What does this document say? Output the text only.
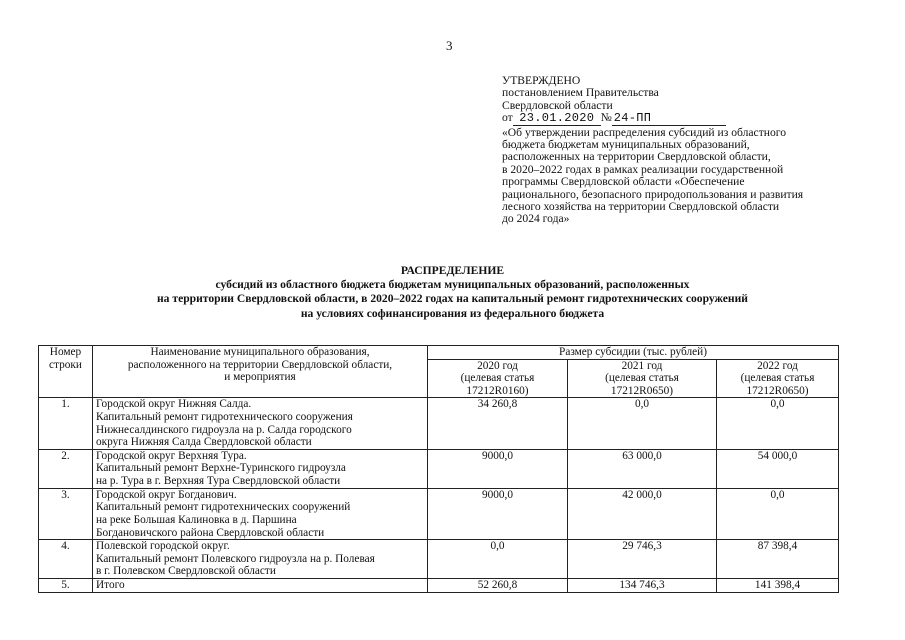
3
УТВЕРЖДЕНО
постановлением Правительства
Свердловской области
от 23.01.2020 № 24-ПП
«Об утверждении распределения субсидий из областного
бюджета бюджетам муниципальных образований,
расположенных на территории Свердловской области,
в 2020–2022 годах в рамках реализации государственной
программы Свердловской области «Обеспечение
рационального, безопасного природопользования и развития
лесного хозяйства на территории Свердловской области
до 2024 года»
РАСПРЕДЕЛЕНИЕ
субсидий из областного бюджета бюджетам муниципальных образований, расположенных
на территории Свердловской области, в 2020–2022 годах на капитальный ремонт гидротехнических сооружений
на условиях софинансирования из федерального бюджета
Номер
строки	Наименование муниципального образования,
расположенного на территории Свердловской области,
и мероприятия	Размер субсидии (тыс. рублей)		

		2020 год
(целевая статья
17212R0160)	2021 год
(целевая статья
17212R0650)	2022 год
(целевая статья
17212R0650)

1.	Городской округ Нижняя Салда.
Капитальный ремонт гидротехнического сооружения
Нижнесалдинского гидроузла на р. Салда городского
округа Нижняя Салда Свердловской области	34 260,8	0,0	0,0
2.	Городской округ Верхняя Тура.
Капитальный ремонт Верхне-Туринского гидроузла
на р. Тура в г. Верхняя Тура Свердловской области	9000,0	63 000,0	54 000,0
3.	Городской округ Богданович.
Капитальный ремонт гидротехнических сооружений
на реке Большая Калиновка в д. Паршина
Богдановичского района Свердловской области	9000,0	42 000,0	0,0
4.	Полевской городской округ.
Капитальный ремонт Полевского гидроузла на р. Полевая
в г. Полевском Свердловской области	0,0	29 746,3	87 398,4
5.	Итого	52 260,8	134 746,3	141 398,4
